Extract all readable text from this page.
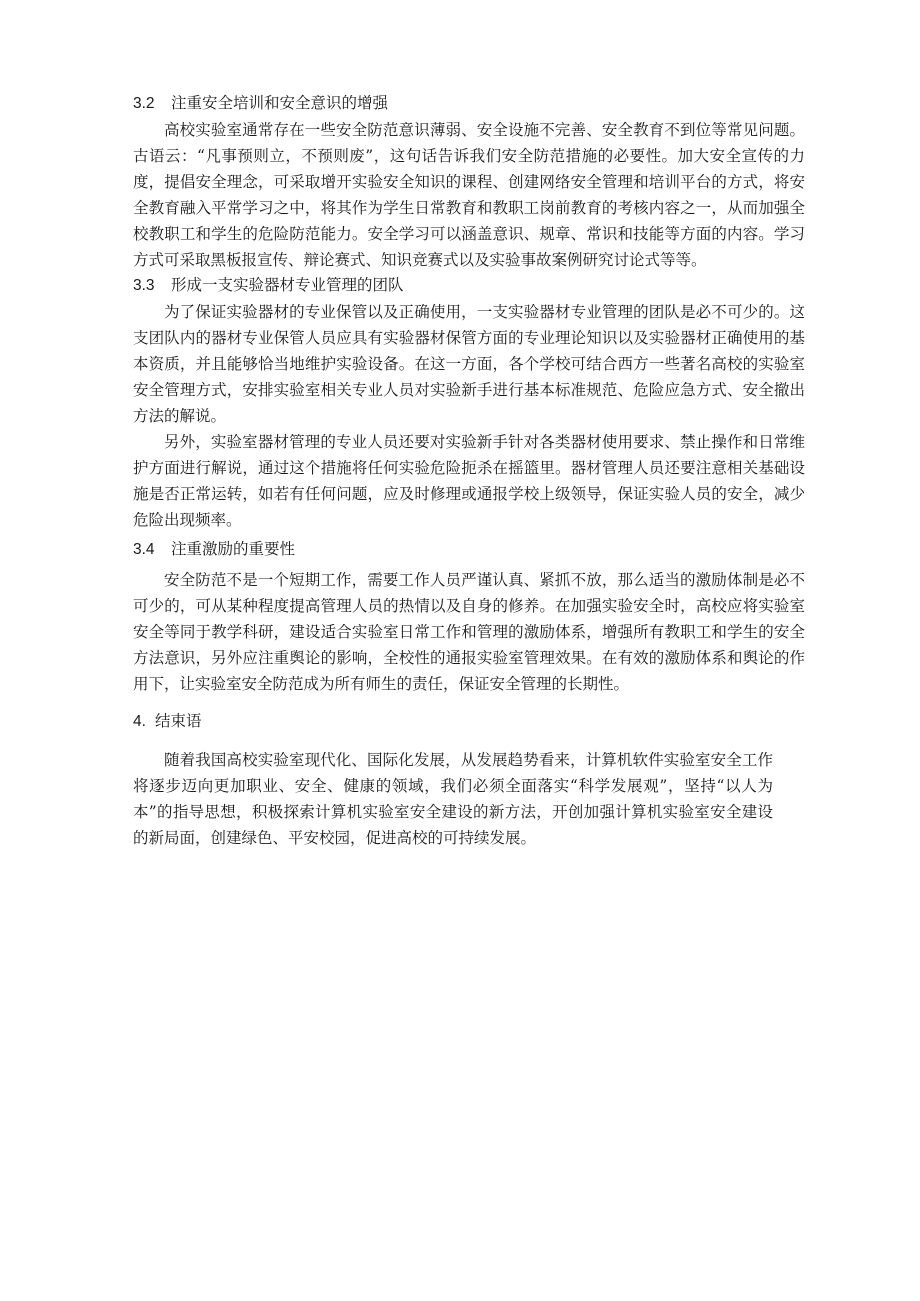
3.2 注重安全培训和安全意识的增强

高校实验室通常存在一些安全防范意识薄弱、安全设施不完善、安全教育不到位等常见问题。古语云：“凡事预则立，不预则废”，这句话告诉我们安全防范措施的必要性。加大安全宣传的力度，提倡安全理念，可采取增开实验安全知识的课程、创建网络安全管理和培训平台的方式，将安全教育融入平常学习之中，将其作为学生日常教育和教职工岗前教育的考核内容之一，从而加强全校教职工和学生的危险防范能力。安全学习可以涵盖意识、规章、常识和技能等方面的内容。学习方式可采取黑板报宣传、辩论赛式、知识竞赛式以及实验事故案例研究讨论式等等。

3.3 形成一支实验器材专业管理的团队

为了保证实验器材的专业保管以及正确使用，一支实验器材专业管理的团队是必不可少的。这支团队内的器材专业保管人员应具有实验器材保管方面的专业理论知识以及实验器材正确使用的基本资质，并且能够恰当地维护实验设备。在这一方面，各个学校可结合西方一些著名高校的实验室安全管理方式，安排实验室相关专业人员对实验新手进行基本标准规范、危险应急方式、安全撤出方法的解说。

另外，实验室器材管理的专业人员还要对实验新手针对各类器材使用要求、禁止操作和日常维护方面进行解说，通过这个措施将任何实验危险扼杀在摇篮里。器材管理人员还要注意相关基础设施是否正常运转，如若有任何问题，应及时修理或通报学校上级领导，保证实验人员的安全，减少危险出现频率。

3.4 注重激励的重要性

安全防范不是一个短期工作，需要工作人员严谨认真、紧抓不放，那么适当的激励体制是必不可少的，可从某种程度提高管理人员的热情以及自身的修养。在加强实验安全时，高校应将实验室安全等同于教学科研，建设适合实验室日常工作和管理的激励体系，增强所有教职工和学生的安全方法意识，另外应注重舆论的影响，全校性的通报实验室管理效果。在有效的激励体系和舆论的作用下，让实验室安全防范成为所有师生的责任，保证安全管理的长期性。

4. 结束语

随着我国高校实验室现代化、国际化发展，从发展趋势看来，计算机软件实验室安全工作将逐步迈向更加职业、安全、健康的领域，我们必须全面落实“科学发展观”，坚持“以人为本”的指导思想，积极探索计算机实验室安全建设的新方法，开创加强计算机实验室安全建设的新局面，创建绿色、平安校园，促进高校的可持续发展。
